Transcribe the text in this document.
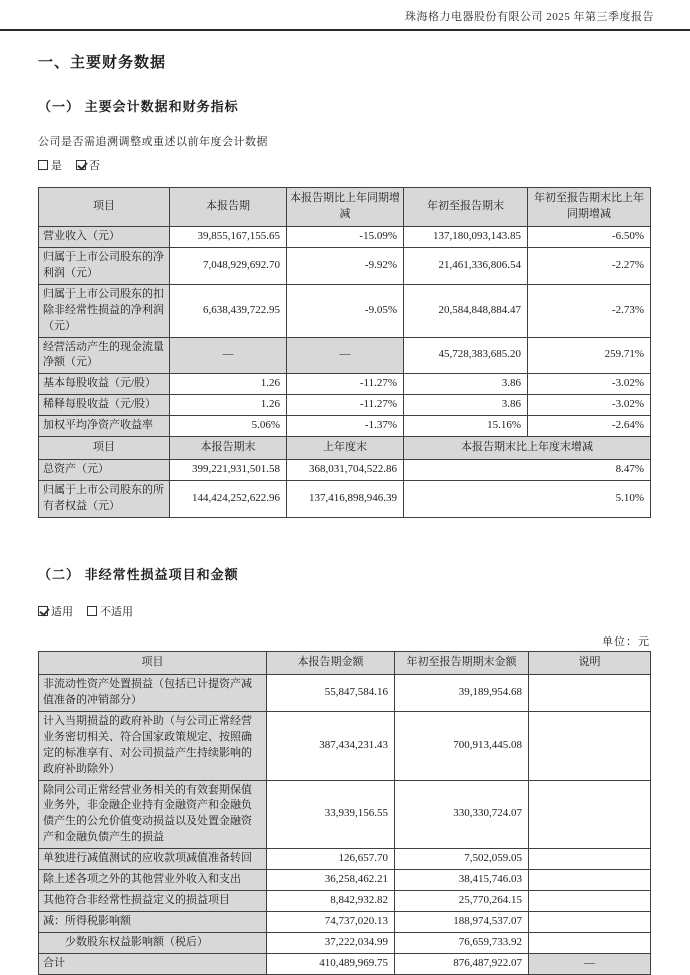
珠海格力电器股份有限公司 2025 年第三季度报告
一、主要财务数据
（一） 主要会计数据和财务指标

公司是否需追溯调整或重述以前年度会计数据

是 否
项目	本报告期	本报告期比上年同期增减	年初至报告期末	年初至报告期末比上年同期增减
营业收入（元）	39,855,167,155.65	-15.09%	137,180,093,143.85	-6.50%
归属于上市公司股东的净利润（元）	7,048,929,692.70	-9.92%	21,461,336,806.54	-2.27%
归属于上市公司股东的扣除非经常性损益的净利润（元）	6,638,439,722.95	-9.05%	20,584,848,884.47	-2.73%
经营活动产生的现金流量净额（元）	—	—	45,728,383,685.20	259.71%
基本每股收益（元/股）	1.26	-11.27%	3.86	-3.02%
稀释每股收益（元/股）	1.26	-11.27%	3.86	-3.02%
加权平均净资产收益率	5.06%	-1.37%	15.16%	-2.64%
项目	本报告期末	上年度末	本报告期末比上年度末增减	
总资产（元）	399,221,931,501.58	368,031,704,522.86	8.47%	
归属于上市公司股东的所有者权益（元）	144,424,252,622.96	137,416,898,946.39	5.10%	
（二） 非经常性损益项目和金额
适用 不适用
单位：元
项目	本报告期金额	年初至报告期期末金额	说明
非流动性资产处置损益（包括已计提资产减值准备的冲销部分）	55,847,584.16	39,189,954.68	
计入当期损益的政府补助（与公司正常经营业务密切相关、符合国家政策规定、按照确定的标准享有、对公司损益产生持续影响的政府补助除外）	387,434,231.43	700,913,445.08	
除同公司正常经营业务相关的有效套期保值业务外，非金融企业持有金融资产和金融负债产生的公允价值变动损益以及处置金融资产和金融负债产生的损益	33,939,156.55	330,330,724.07	
单独进行减值测试的应收款项减值准备转回	126,657.70	7,502,059.05	
除上述各项之外的其他营业外收入和支出	36,258,462.21	38,415,746.03	
其他符合非经常性损益定义的损益项目	8,842,932.82	25,770,264.15	
减：所得税影响额	74,737,020.13	188,974,537.07	
少数股东权益影响额（税后）	37,222,034.99	76,659,733.92	
合计	410,489,969.75	876,487,922.07	—
